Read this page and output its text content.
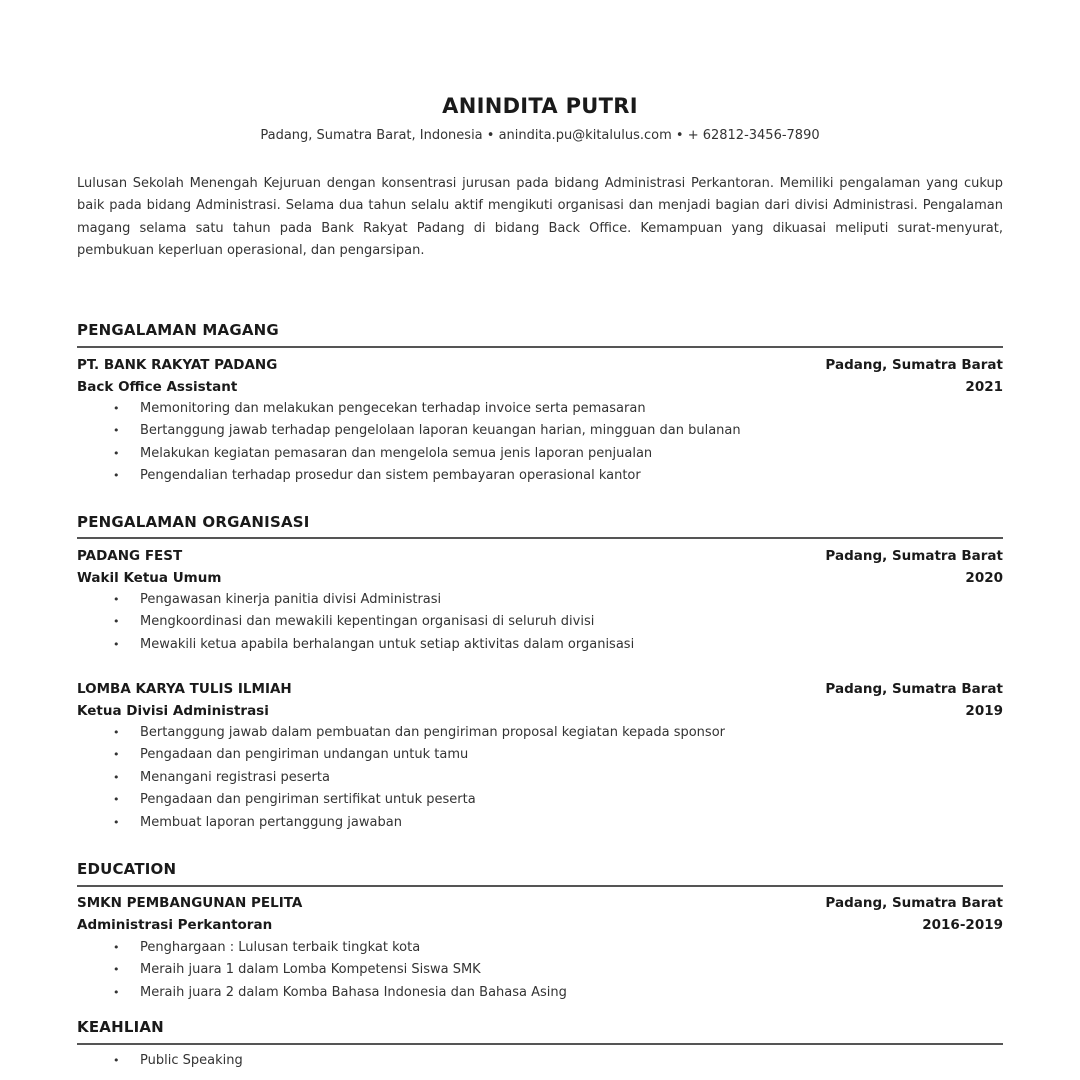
ANINDITA PUTRI
Padang, Sumatra Barat, Indonesia • anindita.pu@kitalulus.com • + 62812-3456-7890
Lulusan Sekolah Menengah Kejuruan dengan konsentrasi jurusan pada bidang Administrasi Perkantoran. Memiliki pengalaman yang cukup baik pada bidang Administrasi. Selama dua tahun selalu aktif mengikuti organisasi dan menjadi bagian dari divisi Administrasi. Pengalaman magang selama satu tahun pada Bank Rakyat Padang di bidang Back Office. Kemampuan yang dikuasai meliputi surat-menyurat, pembukuan keperluan operasional, dan pengarsipan.
PENGALAMAN MAGANG
PT. BANK RAKYAT PADANG	Padang, Sumatra Barat
Back Office Assistant	2021
• Memonitoring dan melakukan pengecekan terhadap invoice serta pemasaran
• Bertanggung jawab terhadap pengelolaan laporan keuangan harian, mingguan dan bulanan
• Melakukan kegiatan pemasaran dan mengelola semua jenis laporan penjualan
• Pengendalian terhadap prosedur dan sistem pembayaran operasional kantor
PENGALAMAN ORGANISASI
PADANG FEST	Padang, Sumatra Barat
Wakil Ketua Umum	2020
• Pengawasan kinerja panitia divisi Administrasi
• Mengkoordinasi dan mewakili kepentingan organisasi di seluruh divisi
• Mewakili ketua apabila berhalangan untuk setiap aktivitas dalam organisasi
LOMBA KARYA TULIS ILMIAH	Padang, Sumatra Barat
Ketua Divisi Administrasi	2019
• Bertanggung jawab dalam pembuatan dan pengiriman proposal kegiatan kepada sponsor
• Pengadaan dan pengiriman undangan untuk tamu
• Menangani registrasi peserta
• Pengadaan dan pengiriman sertifikat untuk peserta
• Membuat laporan pertanggung jawaban
EDUCATION
SMKN PEMBANGUNAN PELITA	Padang, Sumatra Barat
Administrasi Perkantoran	2016-2019
• Penghargaan : Lulusan terbaik tingkat kota
• Meraih juara 1 dalam Lomba Kompetensi Siswa SMK
• Meraih juara 2 dalam Komba Bahasa Indonesia dan Bahasa Asing
KEAHLIAN
• Public Speaking
